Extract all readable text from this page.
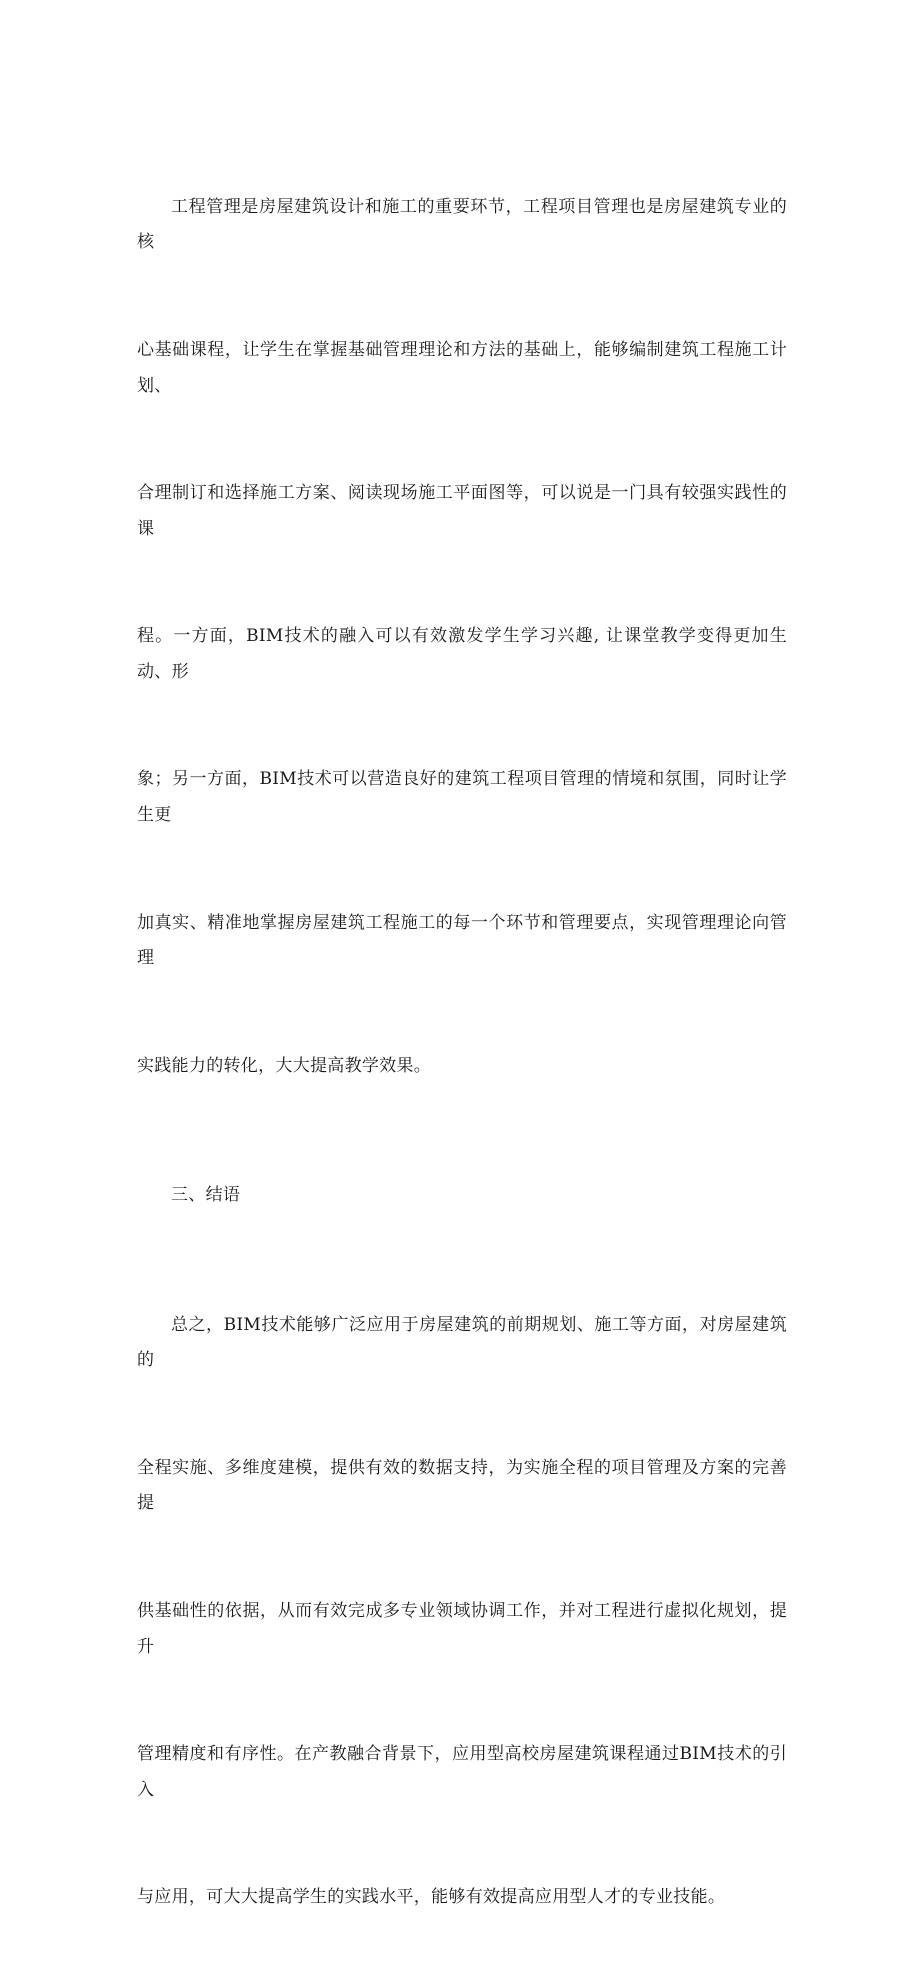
工程管理是房屋建筑设计和施工的重要环节，工程项目管理也是房屋建筑专业的核

心基础课程，让学生在掌握基础管理理论和方法的基础上，能够编制建筑工程施工计划、

合理制订和选择施工方案、阅读现场施工平面图等，可以说是一门具有较强实践性的课

程。一方面，BIM技术的融入可以有效激发学生学习兴趣, 让课堂教学变得更加生动、形

象；另一方面，BIM技术可以营造良好的建筑工程项目管理的情境和氛围，同时让学生更

加真实、精准地掌握房屋建筑工程施工的每一个环节和管理要点，实现管理理论向管理

实践能力的转化，大大提高教学效果。

三、结语

总之，BIM技术能够广泛应用于房屋建筑的前期规划、施工等方面，对房屋建筑的

全程实施、多维度建模，提供有效的数据支持，为实施全程的项目管理及方案的完善提

供基础性的依据，从而有效完成多专业领域协调工作，并对工程进行虚拟化规划，提升

管理精度和有序性。在产教融合背景下，应用型高校房屋建筑课程通过BIM技术的引入

与应用，可大大提高学生的实践水平，能够有效提高应用型人才的专业技能。
